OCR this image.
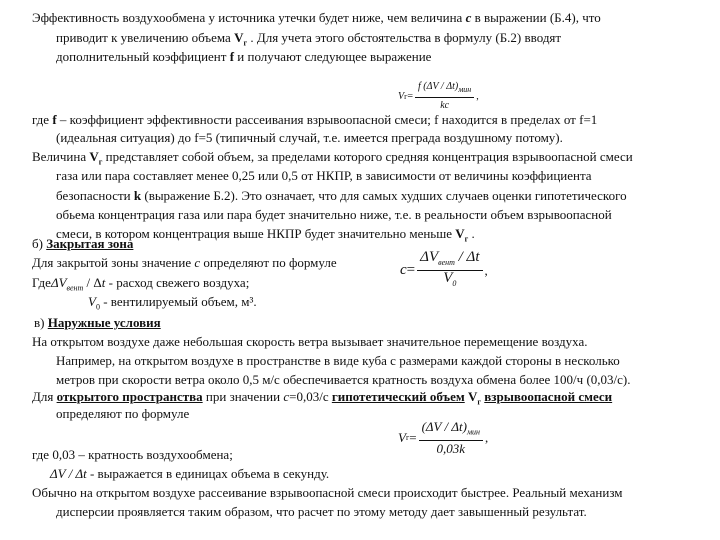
Эффективность воздухообмена у источника утечки будет ниже, чем величина c в выражении (Б.4), что
приводит к увеличению объема $V_г$ . Для учета этого обстоятельства в формулу (Б.2) вводят
дополнительный коэффициент f и получают следующее выражение
где f – коэффициент эффективности рассеивания взрывоопасной смеси; f находится в пределах от f=1
(идеальная ситуация) до f=5 (типичный случай, т.е. имеется преграда воздушному потому).
Величина $V_г$ представляет собой объем, за пределами которого средняя концентрация взрывоопасной смеси
газа или пара составляет менее 0,25 или 0,5 от НКПР, в зависимости от величины коэффициента
безопасности k (выражение Б.2). Это означает, что для самых худших случаев оценки гипотетического
обьема концентрация газа или пара будет значительно ниже, т.е. в реальности объем взрывоопасной
смеси, в котором концентрация выше НКПР будет значительно меньше $V_г$ .
б) Закрытая зона
Для закрытой зоны значение c определяют по формуле
ГдеΔV$_{вент}$ / Δt - расход свежего воздуха;
$V_0$ - вентилируемый объем, м³.
в) Наружные условия
На открытом воздухе даже небольшая скорость ветра вызывает значительное перемещение воздуха.
Например, на открытом воздухе в пространстве в виде куба с размерами каждой стороны в несколько
метров при скорости ветра около 0,5 м/с обеспечивается кратность воздуха обмена более 100/ч (0,03/с).
Для открытого пространства при значении c=0,03/с гипотетический объем $V_г$ взрывоопасной смеси
определяют по формуле
где 0,03 – кратность воздухообмена;
ΔV / Δt - выражается в единицах объема в секунду.
Обычно на открытом воздухе рассеивание взрывоопасной смеси происходит быстрее. Реальный механизм
дисперсии проявляется таким образом, что расчет по этому методу дает завышенный результат.
V $г = \frac{f (\Delta V / \Delta t)_{мин}}{kc}$ ,
$c = \frac{\Delta V_{вент} / \Delta t}{V_0}$ ,
V $г = \frac{(\Delta V / \Delta t)_{мин}}{0,03k}$ ,
